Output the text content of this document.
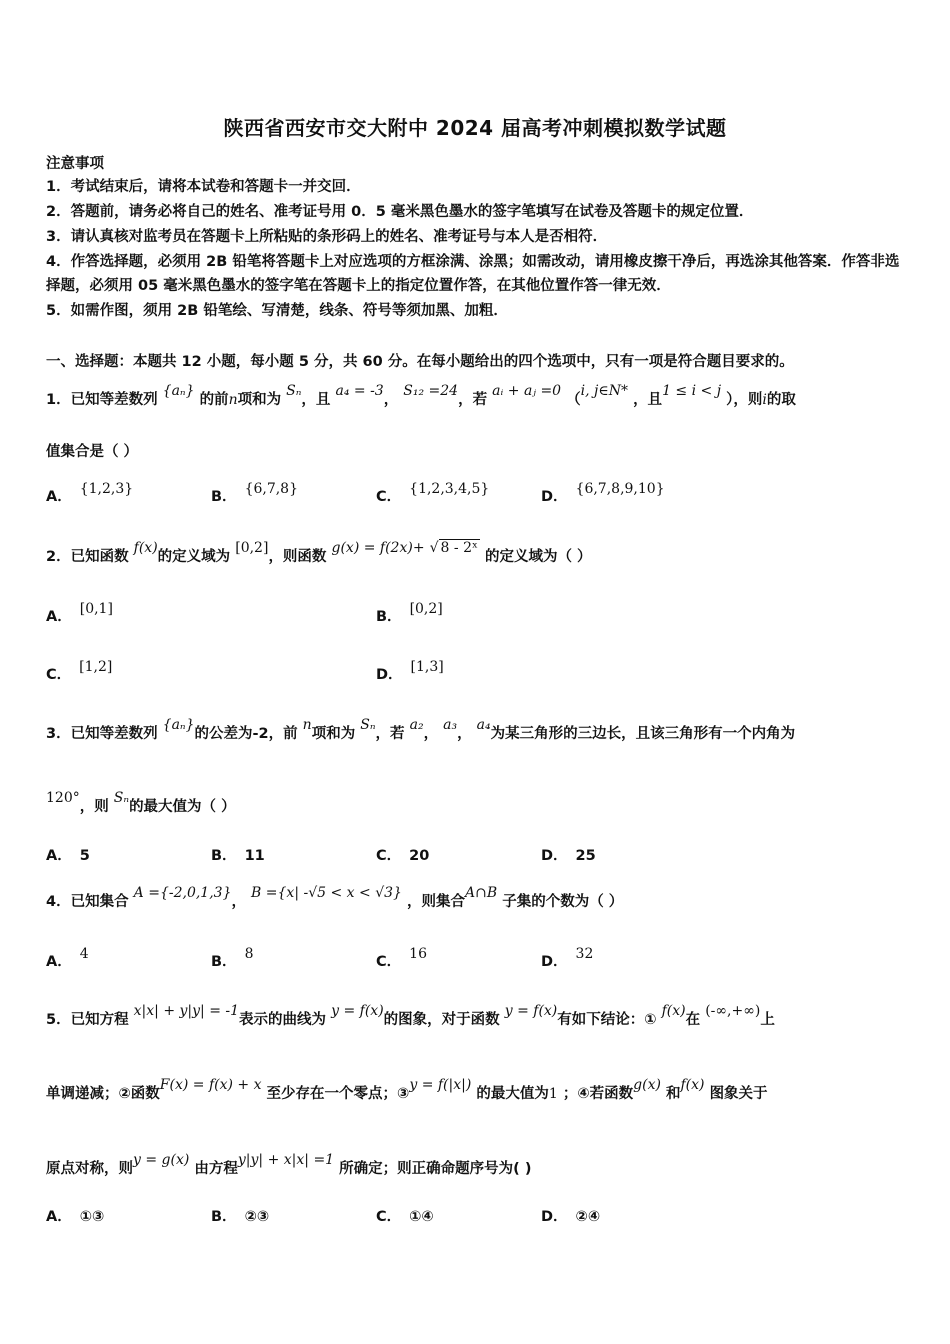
陕西省西安市交大附中 2024 届高考冲刺模拟数学试题
注意事项
1．考试结束后，请将本试卷和答题卡一并交回．
2．答题前，请务必将自己的姓名、准考证号用 0．5 毫米黑色墨水的签字笔填写在试卷及答题卡的规定位置．
3．请认真核对监考员在答题卡上所粘贴的条形码上的姓名、准考证号与本人是否相符．
4．作答选择题，必须用 2B 铅笔将答题卡上对应选项的方框涂满、涂黑；如需改动，请用橡皮擦干净后，再选涂其他答案．作答非选择题，必须用 05 毫米黑色墨水的签字笔在答题卡上的指定位置作答，在其他位置作答一律无效．
5．如需作图，须用 2B 铅笔绘、写清楚，线条、符号等须加黑、加粗．
一、选择题：本题共 12 小题，每小题 5 分，共 60 分。在每小题给出的四个选项中，只有一项是符合题目要求的。
1．已知等差数列 {aₙ} 的前n项和为 Sₙ，且 a₄ = -3， S₁₂ =24，若 aᵢ + aⱼ =0 （i, j∈N* ，且1 ≤ i < j ），则i的取
值集合是（ ）
A． {1,2,3}	B． {6,7,8}	C． {1,2,3,4,5}	D． {6,7,8,9,10}
2．已知函数 f(x)的定义域为 [0,2]，则函数 g(x) = f(2x)+ √ 8 - 2ˣ 的定义域为（ ）
A． [0,1]	B． [0,2]
C． [1,2]	D． [1,3]
3．已知等差数列 {aₙ}的公差为-2，前 n项和为 Sₙ，若 a₂， a₃， a₄为某三角形的三边长，且该三角形有一个内角为
120°，则 Sₙ的最大值为（ ）
A． 5	B． 11	C． 20	D． 25
4．已知集合 A ={-2,0,1,3}， B ={x| -√5 < x < √3} ，则集合A∩B 子集的个数为（ ）
A． 4	B． 8	C． 16	D． 32
5．已知方程 x|x| + y|y| = -1表示的曲线为 y = f(x)的图象，对于函数 y = f(x)有如下结论：① f(x)在 (-∞,+∞)上
单调递减；②函数F(x) = f(x) + x 至少存在一个零点；③y = f(|x|) 的最大值为1 ；④若函数g(x) 和f(x) 图象关于
原点对称，则y = g(x) 由方程y|y| + x|x| =1 所确定；则正确命题序号为( )
A． ①③	B． ②③	C． ①④	D． ②④
